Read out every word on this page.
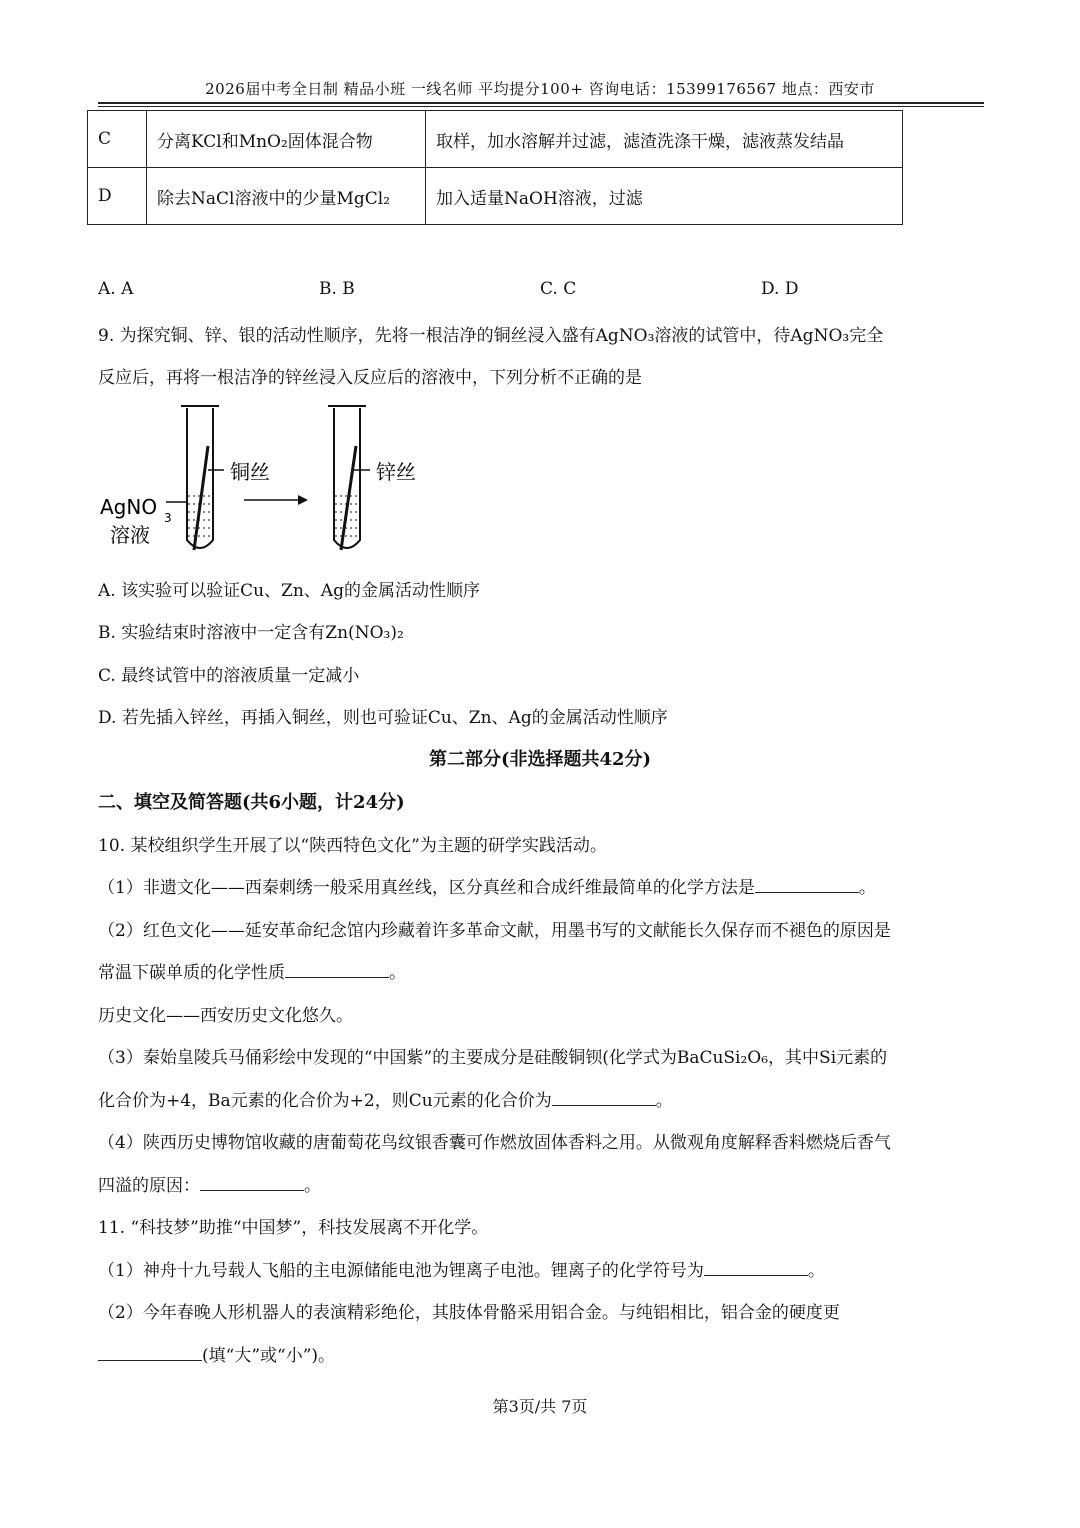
2026届中考全日制 精品小班 一线名师 平均提分100+ 咨询电话：15399176567 地点：西安市
C	分离KCl和MnO₂固体混合物	取样，加水溶解并过滤，滤渣洗涤干燥，滤液蒸发结晶
D	除去NaCl溶液中的少量MgCl₂	加入适量NaOH溶液，过滤
A. A	B. B	C. C	D. D
9. 为探究铜、锌、银的活动性顺序，先将一根洁净的铜丝浸入盛有AgNO₃溶液的试管中，待AgNO₃完全
反应后，再将一根洁净的锌丝浸入反应后的溶液中，下列分析不正确的是
铜丝	锌丝
AgNO 3
溶液
A. 该实验可以验证Cu、Zn、Ag的金属活动性顺序
B. 实验结束时溶液中一定含有Zn(NO₃)₂
C. 最终试管中的溶液质量一定减小
D. 若先插入锌丝，再插入铜丝，则也可验证Cu、Zn、Ag的金属活动性顺序
第二部分(非选择题共42分)
二、填空及简答题(共6小题，计24分)
10. 某校组织学生开展了以“陕西特色文化”为主题的研学实践活动。
（1）非遗文化——西秦刺绣一般采用真丝线，区分真丝和合成纤维最简单的化学方法是	。
（2）红色文化——延安革命纪念馆内珍藏着许多革命文献，用墨书写的文献能长久保存而不褪色的原因是
常温下碳单质的化学性质	。
历史文化——西安历史文化悠久。
（3）秦始皇陵兵马俑彩绘中发现的“中国紫”的主要成分是硅酸铜钡(化学式为BaCuSi₂O₆，其中Si元素的
化合价为+4，Ba元素的化合价为+2，则Cu元素的化合价为	。
（4）陕西历史博物馆收藏的唐葡萄花鸟纹银香囊可作燃放固体香料之用。从微观角度解释香料燃烧后香气
四溢的原因：	。
11. “科技梦”助推“中国梦”，科技发展离不开化学。
（1）神舟十九号载人飞船的主电源储能电池为锂离子电池。锂离子的化学符号为	。
（2）今年春晚人形机器人的表演精彩绝伦，其肢体骨骼采用铝合金。与纯铝相比，铝合金的硬度更
(填“大”或“小”)。
第3页/共 7页
